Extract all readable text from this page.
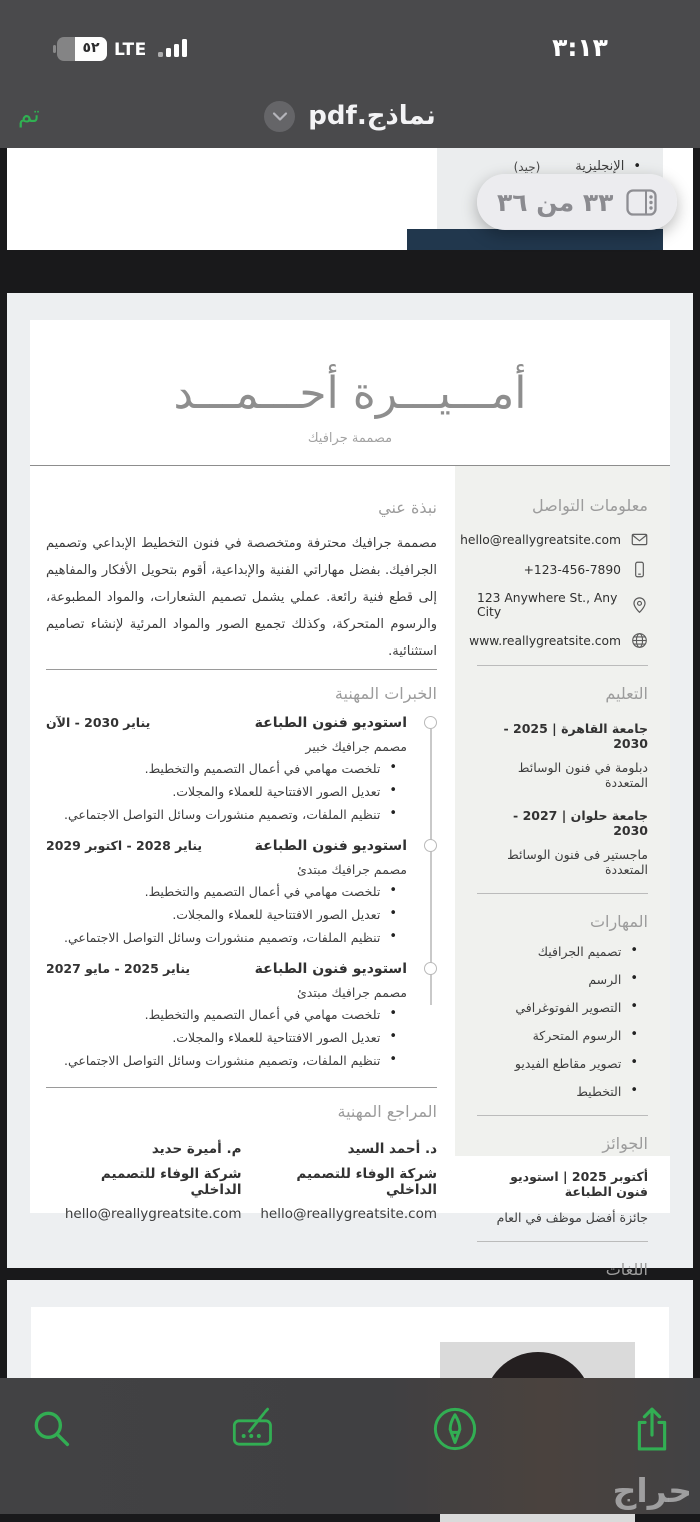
٥٢ LTE	٣:١٣
تم	نماذج.pdf
٣٣ من ٣٦
•
الإنجليزية
(جيد)
أمـــيـــرة أحـــمـــد
مصممة جرافيك
نبذة عني

مصممة جرافيك محترفة ومتخصصة في فنون التخطيط الإبداعي وتصميم الجرافيك. بفضل مهاراتي الفنية والإبداعية، أقوم بتحويل الأفكار والمفاهيم إلى قطع فنية رائعة. عملي يشمل تصميم الشعارات، والمواد المطبوعة، والرسوم المتحركة، وكذلك تجميع الصور والمواد المرئية لإنشاء تصاميم استثنائية.

الخبرات المهنية
استوديو فنون الطباعة
يناير 2030 - الآن
مصمم جرافيك خبير
•
تلخصت مهامي في أعمال التصميم والتخطيط.
•
تعديل الصور الافتتاحية للعملاء والمجلات.
•
تنظيم الملفات، وتصميم منشورات وسائل التواصل الاجتماعي.
استوديو فنون الطباعة
يناير 2028 - اكتوبر 2029
مصمم جرافيك مبتدئ
•
تلخصت مهامي في أعمال التصميم والتخطيط.
•
تعديل الصور الافتتاحية للعملاء والمجلات.
•
تنظيم الملفات، وتصميم منشورات وسائل التواصل الاجتماعي.
استوديو فنون الطباعة
يناير 2025 - مايو 2027
مصمم جرافيك مبتدئ
•
تلخصت مهامي في أعمال التصميم والتخطيط.
•
تعديل الصور الافتتاحية للعملاء والمجلات.
•
تنظيم الملفات، وتصميم منشورات وسائل التواصل الاجتماعي.
المراجع المهنية
د. أحمد السيد
شركة الوفاء للتصميم الداخلي
hello@reallygreatsite.com
م. أميرة حديد
شركة الوفاء للتصميم الداخلي
hello@reallygreatsite.com
معلومات التواصل
hello@reallygreatsite.com
+123-456-7890
123 Anywhere St., Any City
www.reallygreatsite.com
التعليم
جامعة القاهرة | 2025 - 2030
دبلومة في فنون الوسائط المتعددة
جامعة حلوان | 2027 - 2030
ماجستير فى فنون الوسائط المتعددة
المهارات
•
تصميم الجرافيك
•
الرسم
•
التصوير الفوتوغرافي
•
الرسوم المتحركة
•
تصوير مقاطع الفيديو
•
التخطيط
الجوائز
أكتوبر 2025 | استوديو فنون الطباعة
جائزة أفضل موظف في العام
اللغات
حراج
